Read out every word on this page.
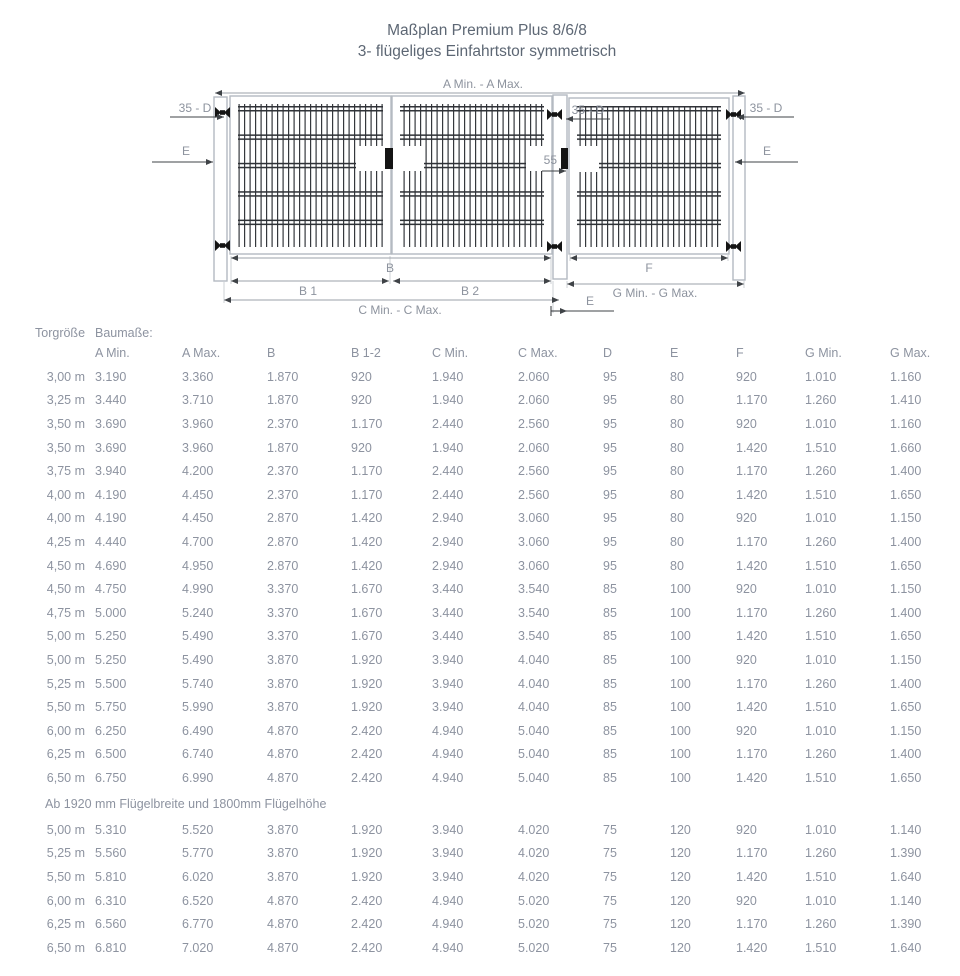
Maßplan Premium Plus 8/6/8
3- flügeliges Einfahrtstor symmetrisch
A Min. - A Max.
35 - D	35 - D	35 - D
E	E
55
B	F
B 1	B 2	G Min. - G Max.
C Min. - C Max.
E
Torgröße Baumaße:
A Min.	A Max.	B	B 1-2	C Min.	C Max.	D	E	F	G Min.	G Max.
3,00 m 3.190	3.360	1.870	920	1.940	2.060	95	80	920	1.010	1.160
3,25 m 3.440	3.710	1.870	920	1.940	2.060	95	80	1.170	1.260	1.410
3,50 m 3.690	3.960	2.370	1.170	2.440	2.560	95	80	920	1.010	1.160
3,50 m 3.690	3.960	1.870	920	1.940	2.060	95	80	1.420	1.510	1.660
3,75 m 3.940	4.200	2.370	1.170	2.440	2.560	95	80	1.170	1.260	1.400
4,00 m 4.190	4.450	2.370	1.170	2.440	2.560	95	80	1.420	1.510	1.650
4,00 m 4.190	4.450	2.870	1.420	2.940	3.060	95	80	920	1.010	1.150
4,25 m 4.440	4.700	2.870	1.420	2.940	3.060	95	80	1.170	1.260	1.400
4,50 m 4.690	4.950	2.870	1.420	2.940	3.060	95	80	1.420	1.510	1.650
4,50 m 4.750	4.990	3.370	1.670	3.440	3.540	85	100	920	1.010	1.150
4,75 m 5.000	5.240	3.370	1.670	3.440	3.540	85	100	1.170	1.260	1.400
5,00 m 5.250	5.490	3.370	1.670	3.440	3.540	85	100	1.420	1.510	1.650
5,00 m 5.250	5.490	3.870	1.920	3.940	4.040	85	100	920	1.010	1.150
5,25 m 5.500	5.740	3.870	1.920	3.940	4.040	85	100	1.170	1.260	1.400
5,50 m 5.750	5.990	3.870	1.920	3.940	4.040	85	100	1.420	1.510	1.650
6,00 m 6.250	6.490	4.870	2.420	4.940	5.040	85	100	920	1.010	1.150
6,25 m 6.500	6.740	4.870	2.420	4.940	5.040	85	100	1.170	1.260	1.400
6,50 m 6.750	6.990	4.870	2.420	4.940	5.040	85	100	1.420	1.510	1.650
Ab 1920 mm Flügelbreite und 1800mm Flügelhöhe
5,00 m 5.310	5.520	3.870	1.920	3.940	4.020	75	120	920	1.010	1.140
5,25 m 5.560	5.770	3.870	1.920	3.940	4.020	75	120	1.170	1.260	1.390
5,50 m 5.810	6.020	3.870	1.920	3.940	4.020	75	120	1.420	1.510	1.640
6,00 m 6.310	6.520	4.870	2.420	4.940	5.020	75	120	920	1.010	1.140
6,25 m 6.560	6.770	4.870	2.420	4.940	5.020	75	120	1.170	1.260	1.390
6,50 m 6.810	7.020	4.870	2.420	4.940	5.020	75	120	1.420	1.510	1.640
